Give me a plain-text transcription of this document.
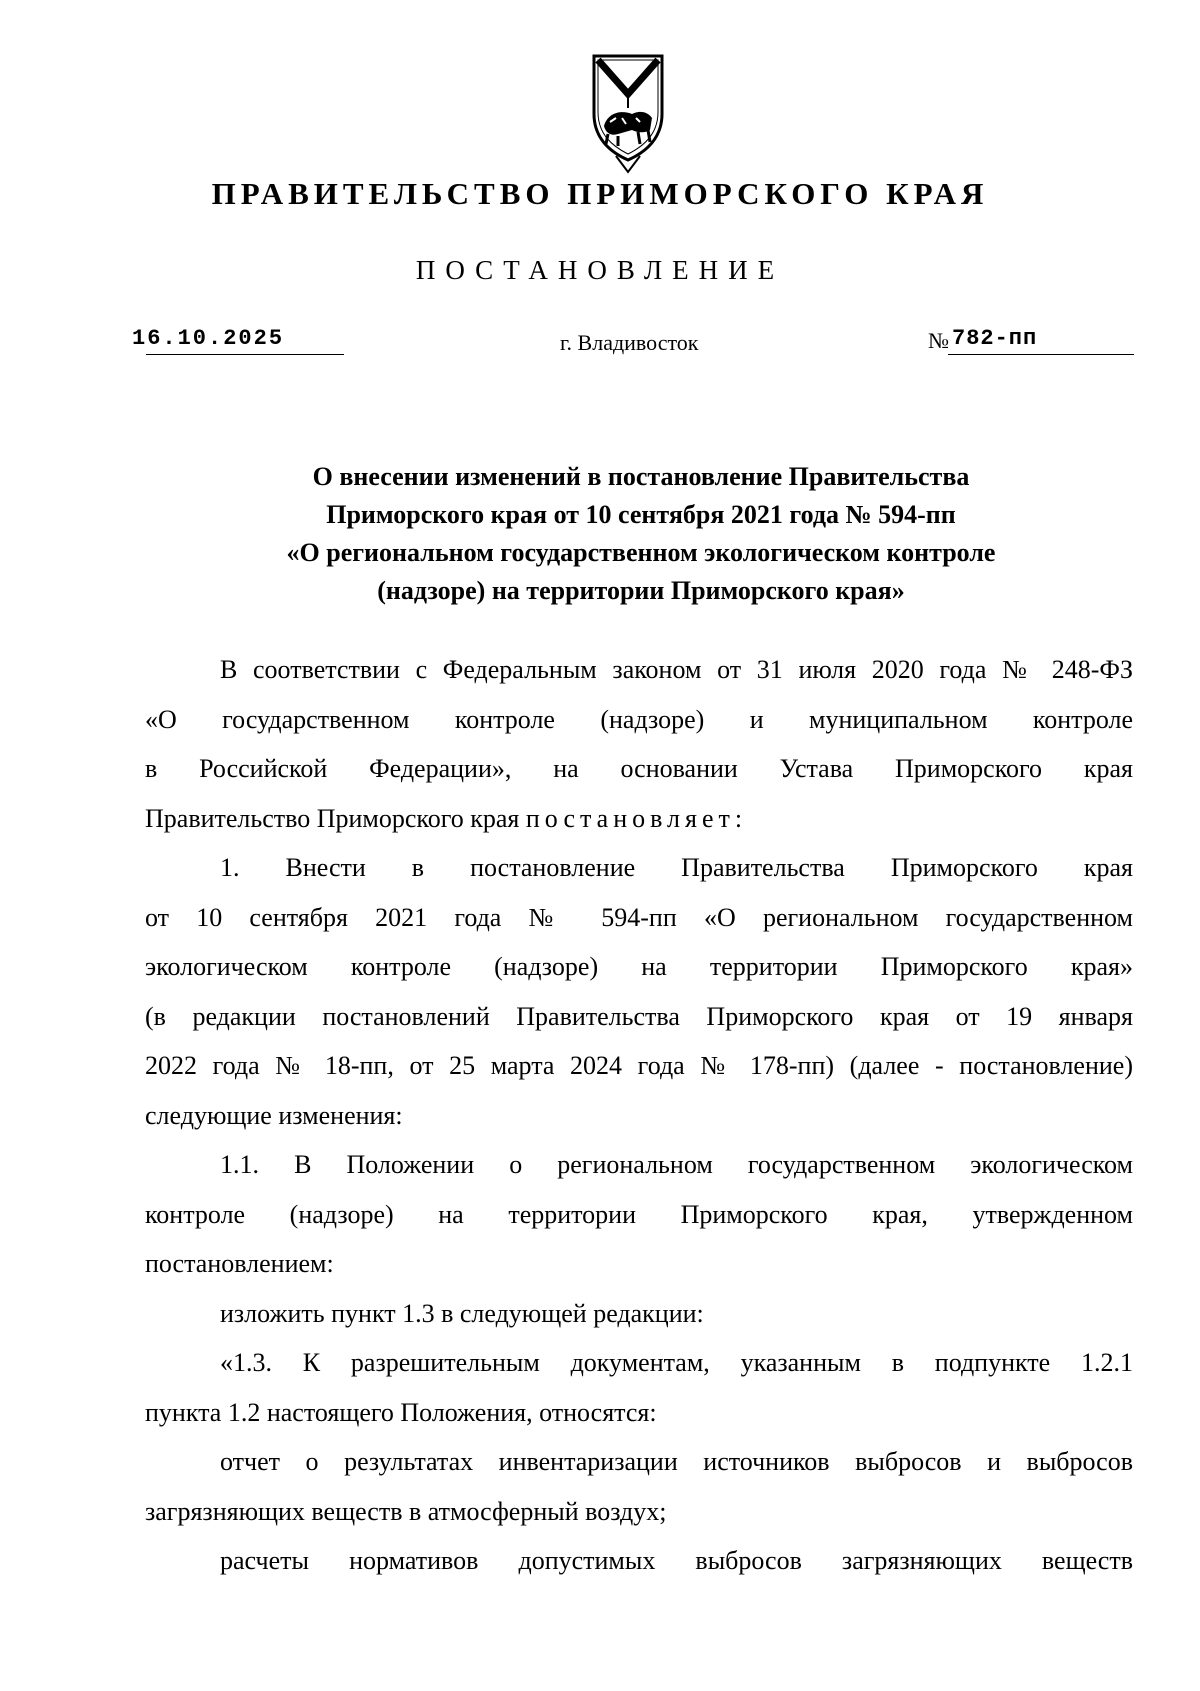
ПРАВИТЕЛЬСТВО ПРИМОРСКОГО КРАЯ
ПОСТАНОВЛЕНИЕ
16.10.2025	г. Владивосток	№ 782-пп
О внесении изменений в постановление Правительства
Приморского края от 10 сентября 2021 года № 594-пп
«О региональном государственном экологическом контроле
(надзоре) на территории Приморского края»

В соответствии с Федеральным законом от 31 июля 2020 года № 248-ФЗ
«О государственном контроле (надзоре) и муниципальном контроле
в Российской Федерации», на основании Устава Приморского края
Правительство Приморского края постановляет:

1. Внести в постановление Правительства Приморского края
от 10 сентября 2021 года № 594-пп «О региональном государственном
экологическом контроле (надзоре) на территории Приморского края»
(в редакции постановлений Правительства Приморского края от 19 января
2022 года № 18-пп, от 25 марта 2024 года № 178-пп) (далее - постановление)
следующие изменения:

1.1. В Положении о региональном государственном экологическом
контроле (надзоре) на территории Приморского края, утвержденном
постановлением:

изложить пункт 1.3 в следующей редакции:

«1.3. К разрешительным документам, указанным в подпункте 1.2.1
пункта 1.2 настоящего Положения, относятся:

отчет о результатах инвентаризации источников выбросов и выбросов
загрязняющих веществ в атмосферный воздух;

расчеты нормативов допустимых выбросов загрязняющих веществ
